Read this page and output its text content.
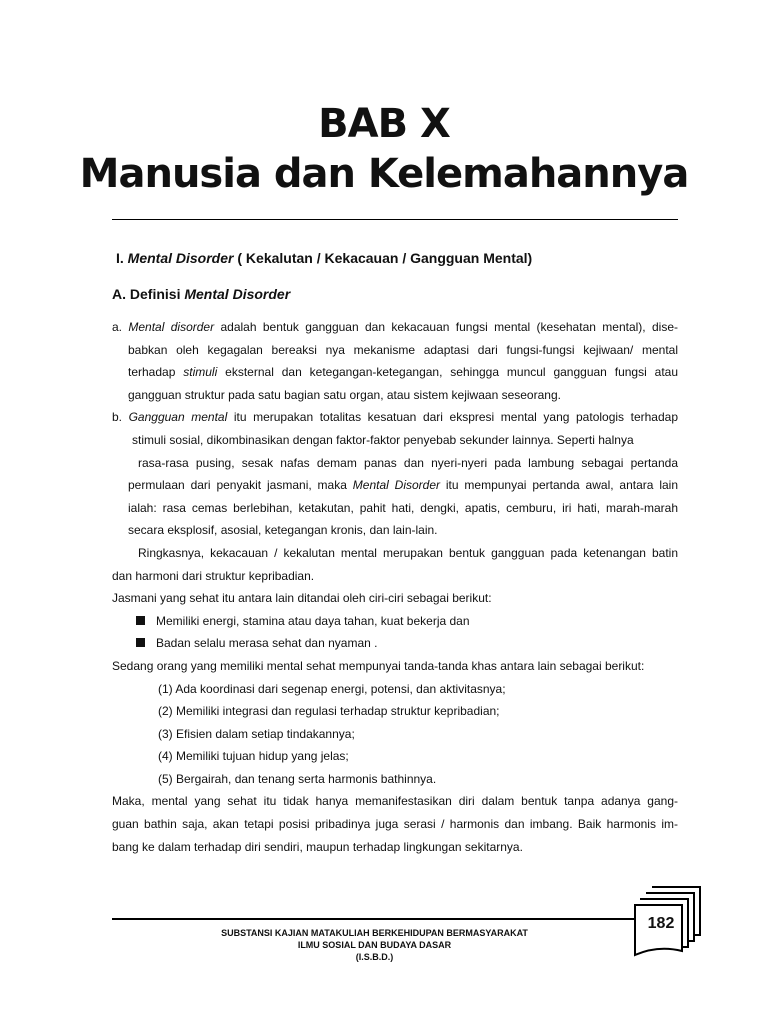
BAB X
Manusia dan Kelemahannya
I. Mental Disorder ( Kekalutan / Kekacauan / Gangguan Mental)
A. Definisi Mental Disorder
a. Mental disorder adalah bentuk gangguan dan kekacauan fungsi mental (kesehatan mental), dise-
babkan oleh kegagalan bereaksi nya mekanisme adaptasi dari fungsi-fungsi kejiwaan/ mental
terhadap stimuli eksternal dan ketegangan-ketegangan, sehingga muncul gangguan fungsi atau
gangguan struktur pada satu bagian satu organ, atau sistem kejiwaan seseorang.
b. Gangguan mental itu merupakan totalitas kesatuan dari ekspresi mental yang patologis terhadap
stimuli sosial, dikombinasikan dengan faktor-faktor penyebab sekunder lainnya. Seperti halnya
rasa-rasa pusing, sesak nafas demam panas dan nyeri-nyeri pada lambung sebagai pertanda
permulaan dari penyakit jasmani, maka Mental Disorder itu mempunyai pertanda awal, antara lain
ialah: rasa cemas berlebihan, ketakutan, pahit hati, dengki, apatis, cemburu, iri hati, marah-marah
secara eksplosif, asosial, ketegangan kronis, dan lain-lain.
Ringkasnya, kekacauan / kekalutan mental merupakan bentuk gangguan pada ketenangan batin
dan harmoni dari struktur kepribadian.
Jasmani yang sehat itu antara lain ditandai oleh ciri-ciri sebagai berikut:
Memiliki energi, stamina atau daya tahan, kuat bekerja dan
Badan selalu merasa sehat dan nyaman .
Sedang orang yang memiliki mental sehat mempunyai tanda-tanda khas antara lain sebagai berikut:
(1) Ada koordinasi dari segenap energi, potensi, dan aktivitasnya;
(2) Memiliki integrasi dan regulasi terhadap struktur kepribadian;
(3) Efisien dalam setiap tindakannya;
(4) Memiliki tujuan hidup yang jelas;
(5) Bergairah, dan tenang serta harmonis bathinnya.
Maka, mental yang sehat itu tidak hanya memanifestasikan diri dalam bentuk tanpa adanya gang-
guan bathin saja, akan tetapi posisi pribadinya juga serasi / harmonis dan imbang. Baik harmonis im-
bang ke dalam terhadap diri sendiri, maupun terhadap lingkungan sekitarnya.
SUBSTANSI KAJIAN MATAKULIAH BERKEHIDUPAN BERMASYARAKAT
ILMU SOSIAL DAN BUDAYA DASAR
(I.S.B.D.)
182
